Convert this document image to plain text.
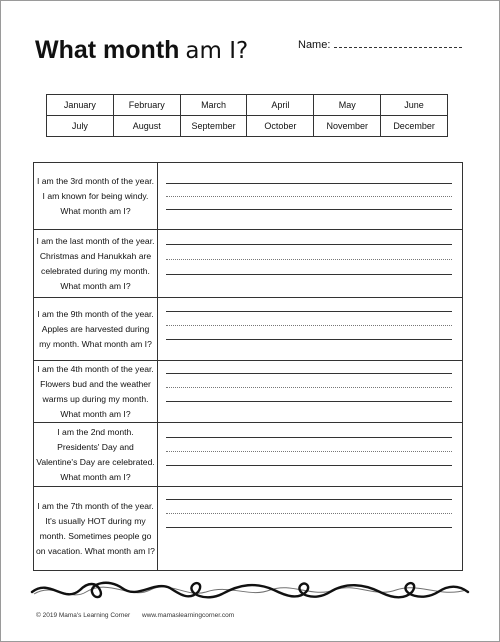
What month am I?	Name:
January	February	March	April	May	June
July	August	September	October	November	December
I am the 3rd month of the year. I am known for being windy. What month am I?
I am the last month of the year. Christmas and Hanukkah are celebrated during my month. What month am I?
I am the 9th month of the year. Apples are harvested during my month. What month am I?
I am the 4th month of the year. Flowers bud and the weather warms up during my month. What month am I?
I am the 2nd month. Presidents' Day and Valentine's Day are celebrated. What month am I?
I am the 7th month of the year. It's usually HOT during my month. Sometimes people go on vacation. What month am I?
© 2019 Mama's Learning Corner www.mamaslearningcorner.com
